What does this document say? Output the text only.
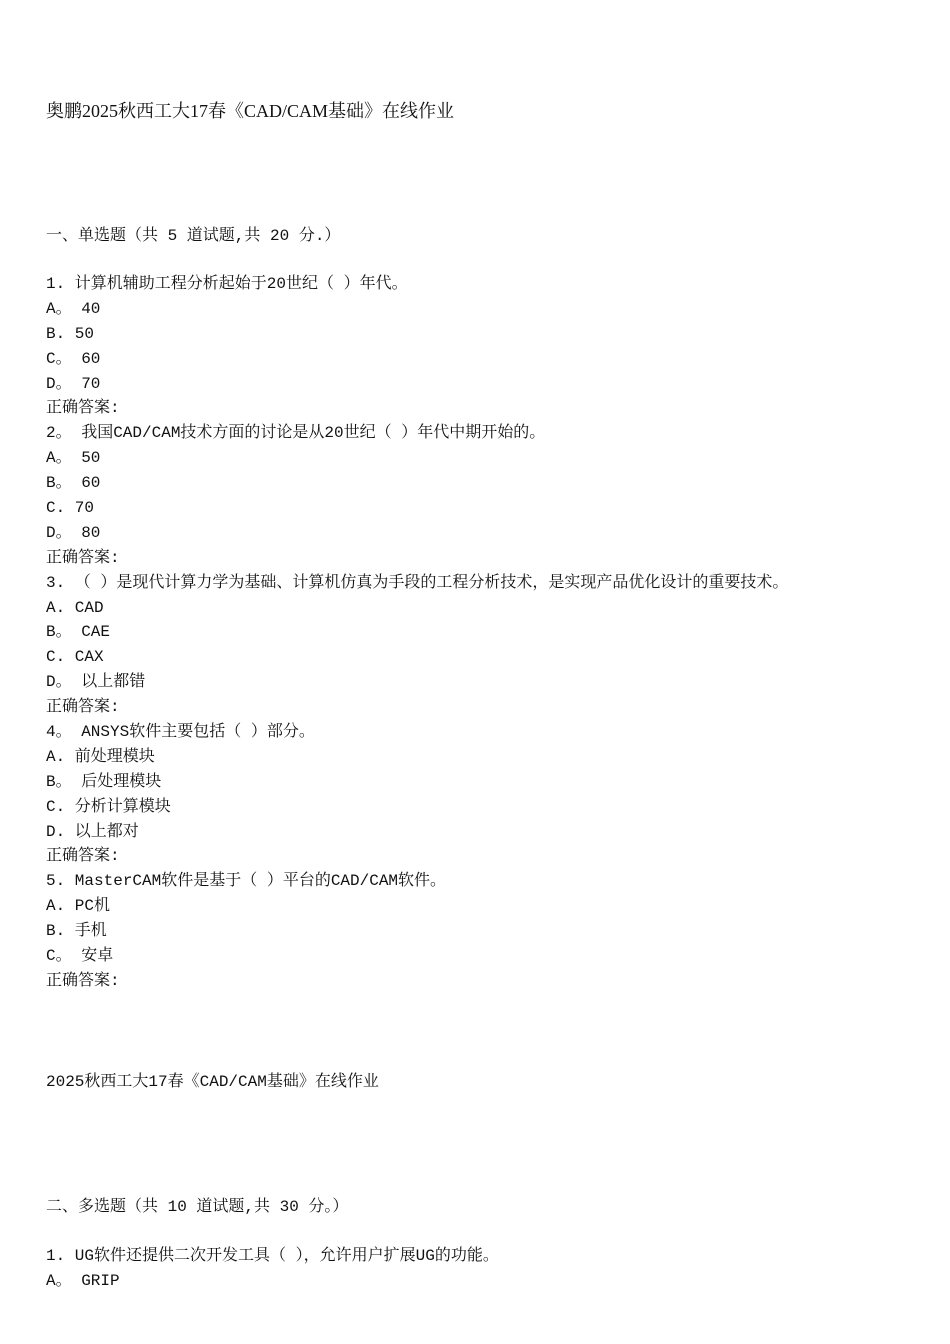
奥鹏2025秋西工大17春《CAD/CAM基础》在线作业
一、单选题（共 5 道试题,共 20 分.）
1. 计算机辅助工程分析起始于20世纪（ ）年代。
A。 40
B. 50
C。 60
D。 70
正确答案:
2。 我国CAD/CAM技术方面的讨论是从20世纪（ ）年代中期开始的。
A。 50
B。 60
C. 70
D。 80
正确答案:
3. （ ）是现代计算力学为基础、计算机仿真为手段的工程分析技术，是实现产品优化设计的重要技术。
A. CAD
B。 CAE
C. CAX
D。 以上都错
正确答案:
4。 ANSYS软件主要包括（ ）部分。
A. 前处理模块
B。 后处理模块
C. 分析计算模块
D. 以上都对
正确答案:
5. MasterCAM软件是基于（ ）平台的CAD/CAM软件。
A. PC机
B. 手机
C。 安卓
正确答案:
2025秋西工大17春《CAD/CAM基础》在线作业
二、多选题（共 10 道试题,共 30 分。）
1. UG软件还提供二次开发工具（ ），允许用户扩展UG的功能。
A。 GRIP
